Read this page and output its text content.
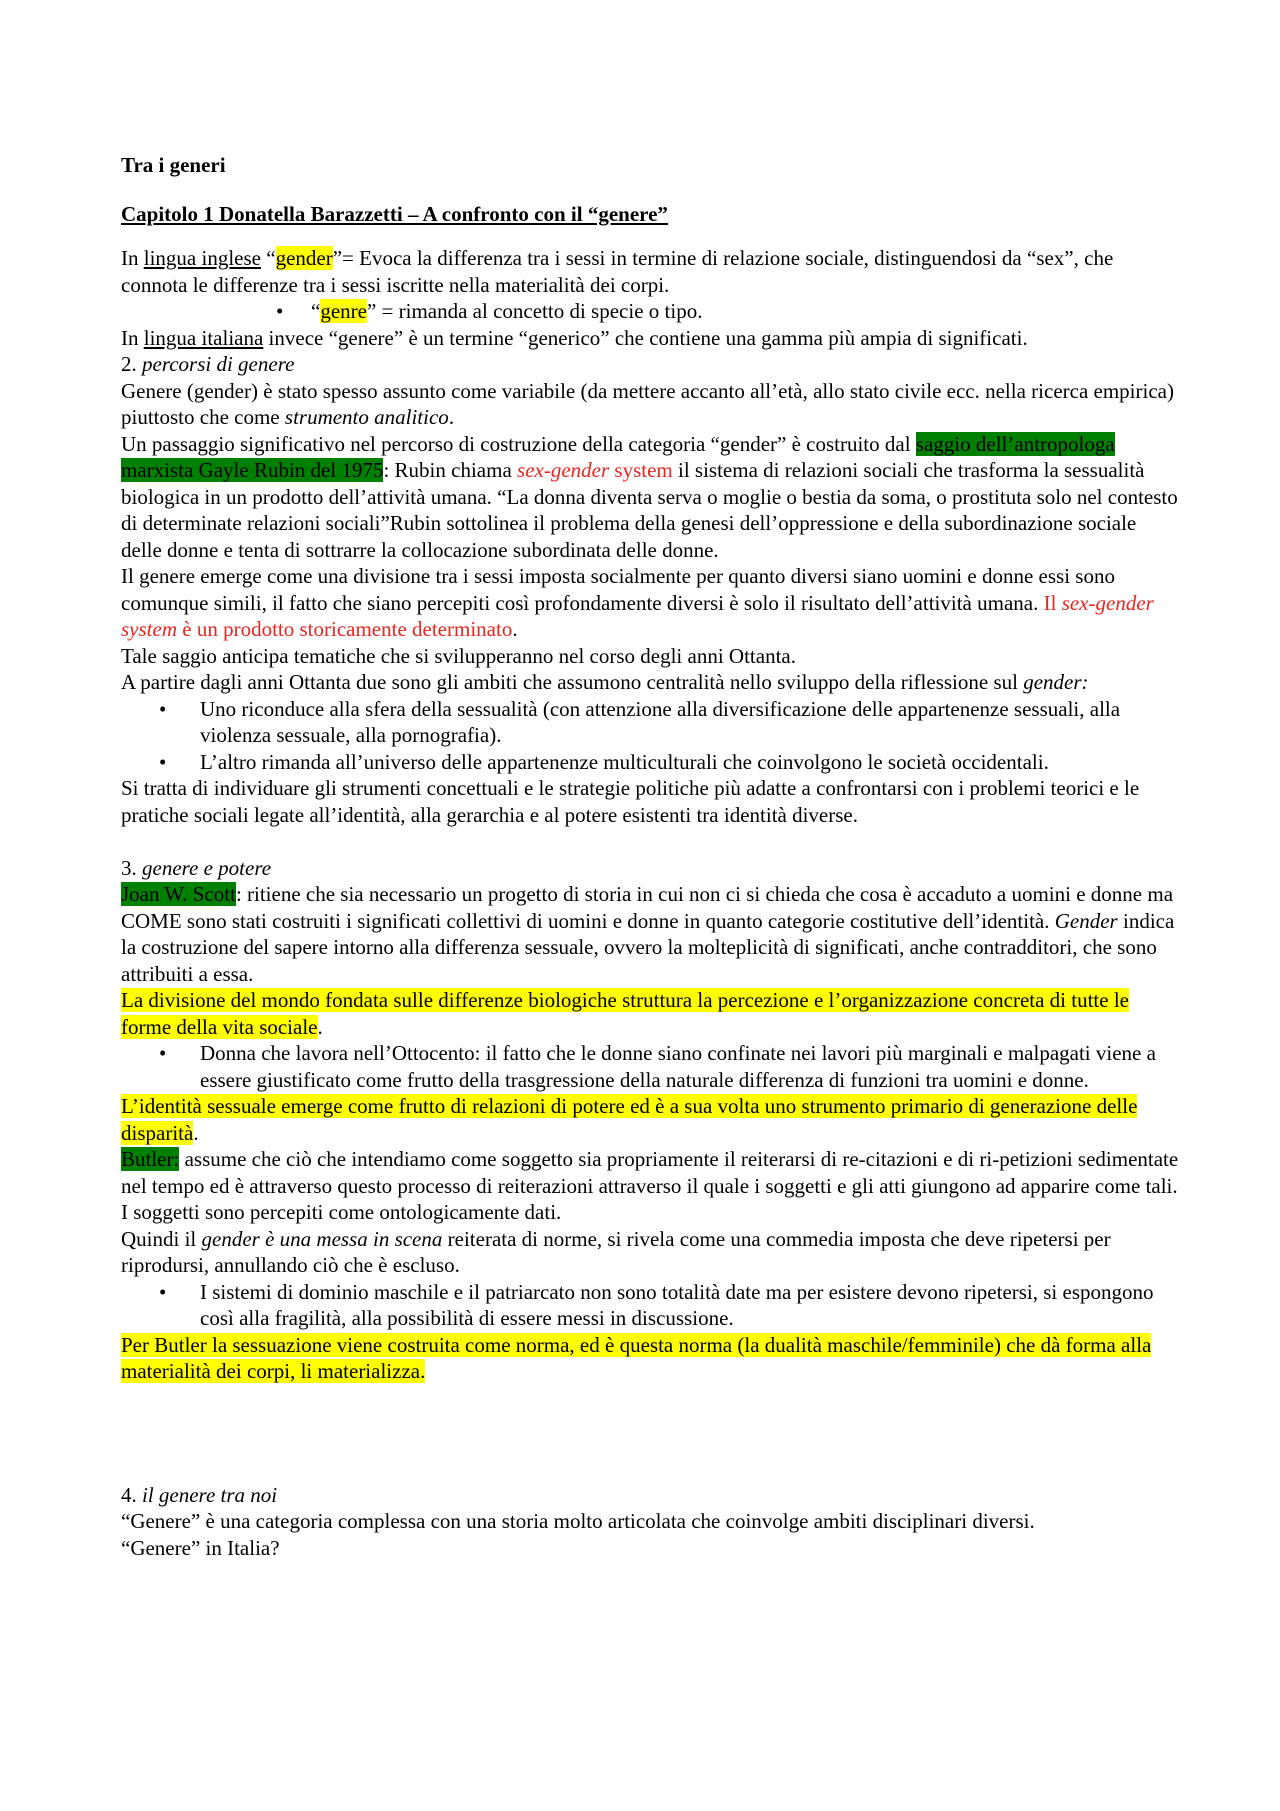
Tra i generi
Capitolo 1 Donatella Barazzetti – A confronto con il “genere”

In lingua inglese “gender”= Evoca la differenza tra i sessi in termine di relazione sociale, distinguendosi da “sex”, che connota le differenze tra i sessi iscritte nella materialità dei corpi.

• “genre” = rimanda al concetto di specie o tipo.

In lingua italiana invece “genere” è un termine “generico” che contiene una gamma più ampia di significati.

2. percorsi di genere

Genere (gender) è stato spesso assunto come variabile (da mettere accanto all’età, allo stato civile ecc. nella ricerca empirica) piuttosto che come strumento analitico.

Un passaggio significativo nel percorso di costruzione della categoria “gender” è costruito dal saggio dell’antropologa marxista Gayle Rubin del 1975: Rubin chiama sex-gender system il sistema di relazioni sociali che trasforma la sessualità biologica in un prodotto dell’attività umana. “La donna diventa serva o moglie o bestia da soma, o prostituta solo nel contesto di determinate relazioni sociali”Rubin sottolinea il problema della genesi dell’oppressione e della subordinazione sociale delle donne e tenta di sottrarre la collocazione subordinata delle donne.

Il genere emerge come una divisione tra i sessi imposta socialmente per quanto diversi siano uomini e donne essi sono comunque simili, il fatto che siano percepiti così profondamente diversi è solo il risultato dell’attività umana. Il sex-gender system è un prodotto storicamente determinato.

Tale saggio anticipa tematiche che si svilupperanno nel corso degli anni Ottanta.

A partire dagli anni Ottanta due sono gli ambiti che assumono centralità nello sviluppo della riflessione sul gender:

• Uno riconduce alla sfera della sessualità (con attenzione alla diversificazione delle appartenenze sessuali, alla violenza sessuale, alla pornografia).

• L’altro rimanda all’universo delle appartenenze multiculturali che coinvolgono le società occidentali.

Si tratta di individuare gli strumenti concettuali e le strategie politiche più adatte a confrontarsi con i problemi teorici e le pratiche sociali legate all’identità, alla gerarchia e al potere esistenti tra identità diverse.

3. genere e potere

Joan W. Scott: ritiene che sia necessario un progetto di storia in cui non ci si chieda che cosa è accaduto a uomini e donne ma COME sono stati costruiti i significati collettivi di uomini e donne in quanto categorie costitutive dell’identità. Gender indica la costruzione del sapere intorno alla differenza sessuale, ovvero la molteplicità di significati, anche contradditori, che sono attribuiti a essa.

La divisione del mondo fondata sulle differenze biologiche struttura la percezione e l’organizzazione concreta di tutte le forme della vita sociale.

• Donna che lavora nell’Ottocento: il fatto che le donne siano confinate nei lavori più marginali e malpagati viene a essere giustificato come frutto della trasgressione della naturale differenza di funzioni tra uomini e donne.

L’identità sessuale emerge come frutto di relazioni di potere ed è a sua volta uno strumento primario di generazione delle disparità.

Butler: assume che ciò che intendiamo come soggetto sia propriamente il reiterarsi di re-citazioni e di ri-petizioni sedimentate nel tempo ed è attraverso questo processo di reiterazioni attraverso il quale i soggetti e gli atti giungono ad apparire come tali. I soggetti sono percepiti come ontologicamente dati.

Quindi il gender è una messa in scena reiterata di norme, si rivela come una commedia imposta che deve ripetersi per riprodursi, annullando ciò che è escluso.

• I sistemi di dominio maschile e il patriarcato non sono totalità date ma per esistere devono ripetersi, si espongono così alla fragilità, alla possibilità di essere messi in discussione.

Per Butler la sessuazione viene costruita come norma, ed è questa norma (la dualità maschile/femminile) che dà forma alla materialità dei corpi, li materializza.

4. il genere tra noi

“Genere” è una categoria complessa con una storia molto articolata che coinvolge ambiti disciplinari diversi.

“Genere” in Italia?
